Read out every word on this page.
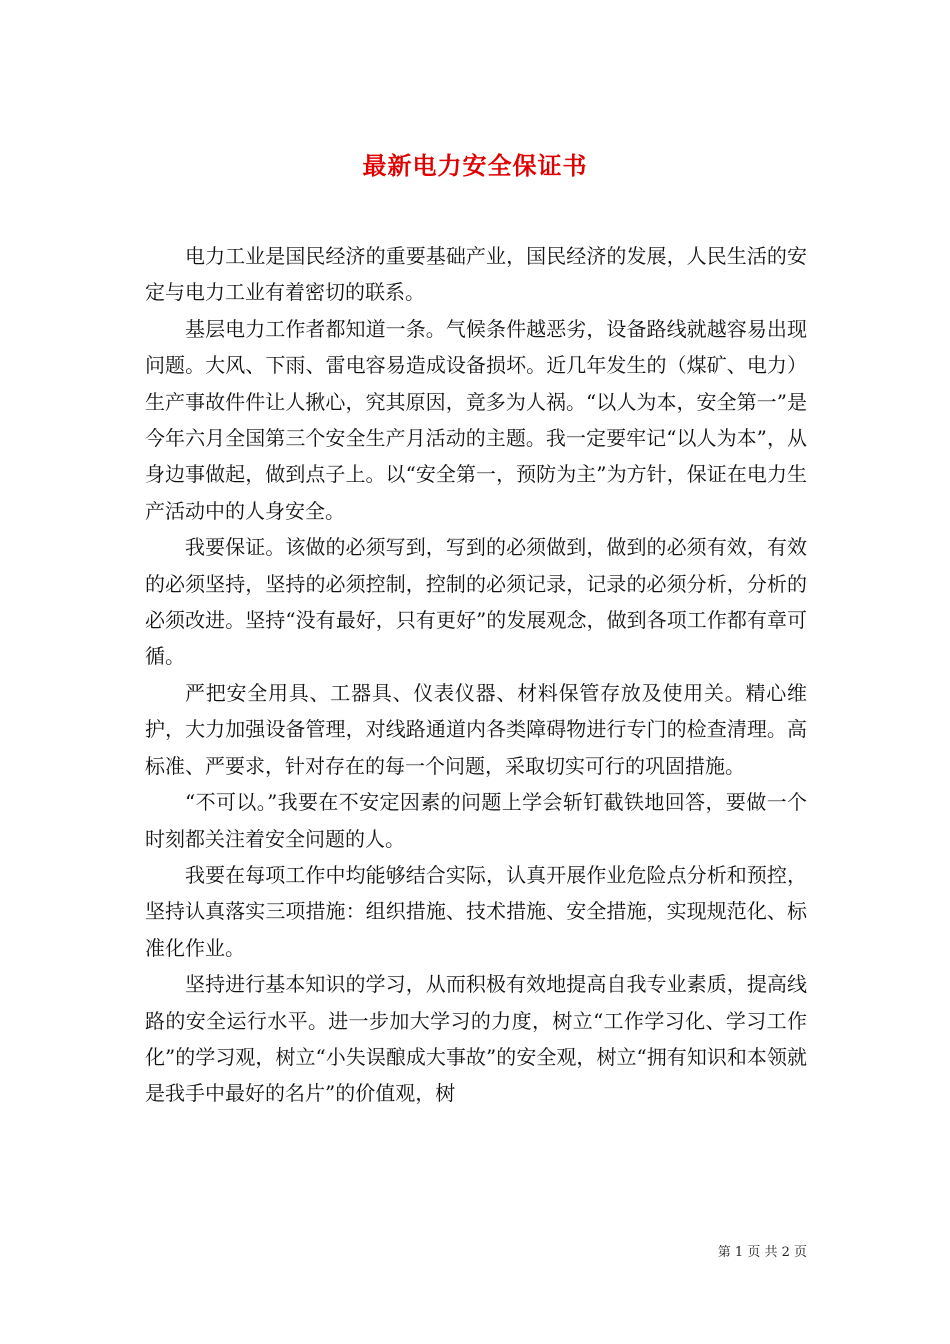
最新电力安全保证书

电力工业是国民经济的重要基础产业，国民经济的发展，人民生活的安定与电力工业有着密切的联系。

基层电力工作者都知道一条。气候条件越恶劣，设备路线就越容易出现问题。大风、下雨、雷电容易造成设备损坏。近几年发生的（煤矿、电力）生产事故件件让人揪心，究其原因，竟多为人祸。“以人为本，安全第一”是今年六月全国第三个安全生产月活动的主题。我一定要牢记“以人为本”，从身边事做起，做到点子上。以“安全第一，预防为主”为方针，保证在电力生产活动中的人身安全。

我要保证。该做的必须写到，写到的必须做到，做到的必须有效，有效的必须坚持，坚持的必须控制，控制的必须记录，记录的必须分析，分析的必须改进。坚持“没有最好，只有更好”的发展观念，做到各项工作都有章可循。

严把安全用具、工器具、仪表仪器、材料保管存放及使用关。精心维护，大力加强设备管理，对线路通道内各类障碍物进行专门的检查清理。高标准、严要求，针对存在的每一个问题，采取切实可行的巩固措施。

“不可以。”我要在不安定因素的问题上学会斩钉截铁地回答，要做一个时刻都关注着安全问题的人。

我要在每项工作中均能够结合实际，认真开展作业危险点分析和预控，坚持认真落实三项措施：组织措施、技术措施、安全措施，实现规范化、标准化作业。

坚持进行基本知识的学习，从而积极有效地提高自我专业素质，提高线路的安全运行水平。进一步加大学习的力度，树立“工作学习化、学习工作化”的学习观，树立“小失误酿成大事故”的安全观，树立“拥有知识和本领就是我手中最好的名片”的价值观，树

第 1 页 共 2 页
